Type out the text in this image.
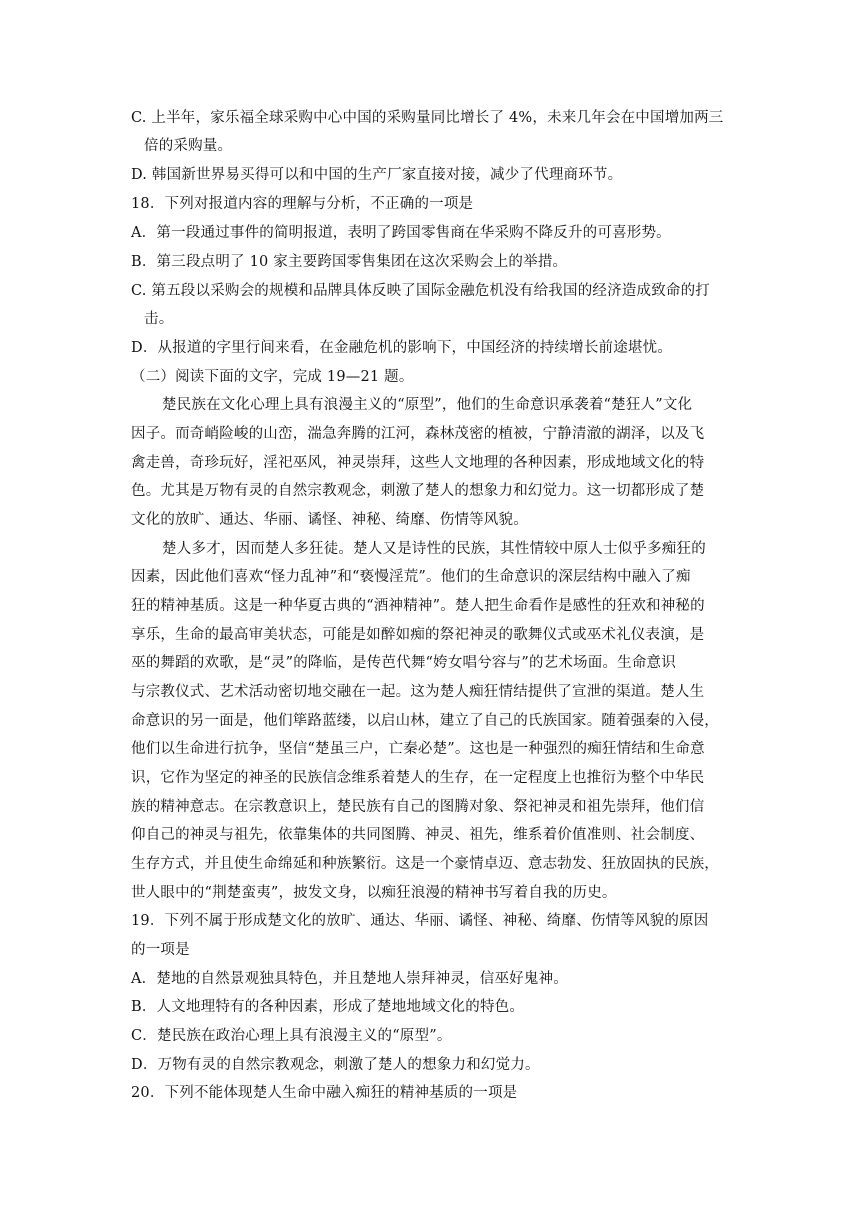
C. 上半年，家乐福全球采购中心中国的采购量同比增长了 4%，未来几年会在中国增加两三
倍的采购量。
D. 韩国新世界易买得可以和中国的生产厂家直接对接，减少了代理商环节。
18．下列对报道内容的理解与分析，不正确的一项是
A．第一段通过事件的简明报道，表明了跨国零售商在华采购不降反升的可喜形势。
B．第三段点明了 10 家主要跨国零售集团在这次采购会上的举措。
C. 第五段以采购会的规模和品牌具体反映了国际金融危机没有给我国的经济造成致命的打
击。
D．从报道的字里行间来看，在金融危机的影响下，中国经济的持续增长前途堪忧。
（二）阅读下面的文字，完成 19—21 题。
楚民族在文化心理上具有浪漫主义的“原型”，他们的生命意识承袭着“楚狂人”文化
因子。而奇峭险峻的山峦，湍急奔腾的江河，森林茂密的植被，宁静清澈的湖泽，以及飞
禽走兽，奇珍玩好，淫祀巫风，神灵崇拜，这些人文地理的各种因素，形成地域文化的特
色。尤其是万物有灵的自然宗教观念，刺激了楚人的想象力和幻觉力。这一切都形成了楚
文化的放旷、通达、华丽、谲怪、神秘、绮靡、伤情等风貌。
楚人多才，因而楚人多狂徒。楚人又是诗性的民族，其性情较中原人士似乎多痴狂的
因素，因此他们喜欢“怪力乱神”和“亵慢淫荒”。他们的生命意识的深层结构中融入了痴
狂的精神基质。这是一种华夏古典的“酒神精神”。楚人把生命看作是感性的狂欢和神秘的
享乐，生命的最高审美状态，可能是如醉如痴的祭祀神灵的歌舞仪式或巫术礼仪表演，是
巫的舞蹈的欢歌，是“灵”的降临，是传芭代舞“姱女唱兮容与”的艺术场面。生命意识
与宗教仪式、艺术活动密切地交融在一起。这为楚人痴狂情结提供了宣泄的渠道。楚人生
命意识的另一面是，他们筚路蓝缕，以启山林，建立了自己的氏族国家。随着强秦的入侵，
他们以生命进行抗争，坚信“楚虽三户，亡秦必楚”。这也是一种强烈的痴狂情结和生命意
识，它作为坚定的神圣的民族信念维系着楚人的生存，在一定程度上也推衍为整个中华民
族的精神意志。在宗教意识上，楚民族有自己的图腾对象、祭祀神灵和祖先崇拜，他们信
仰自己的神灵与祖先，依靠集体的共同图腾、神灵、祖先，维系着价值准则、社会制度、
生存方式，并且使生命绵延和种族繁衍。这是一个豪情卓迈、意志勃发、狂放固执的民族，
世人眼中的“荆楚蛮夷”，披发文身，以痴狂浪漫的精神书写着自我的历史。
19．下列不属于形成楚文化的放旷、通达、华丽、谲怪、神秘、绮靡、伤情等风貌的原因
的一项是
A．楚地的自然景观独具特色，并且楚地人崇拜神灵，信巫好鬼神。
B．人文地理特有的各种因素，形成了楚地地域文化的特色。
C．楚民族在政治心理上具有浪漫主义的“原型”。
D．万物有灵的自然宗教观念，刺激了楚人的想象力和幻觉力。
20．下列不能体现楚人生命中融入痴狂的精神基质的一项是
